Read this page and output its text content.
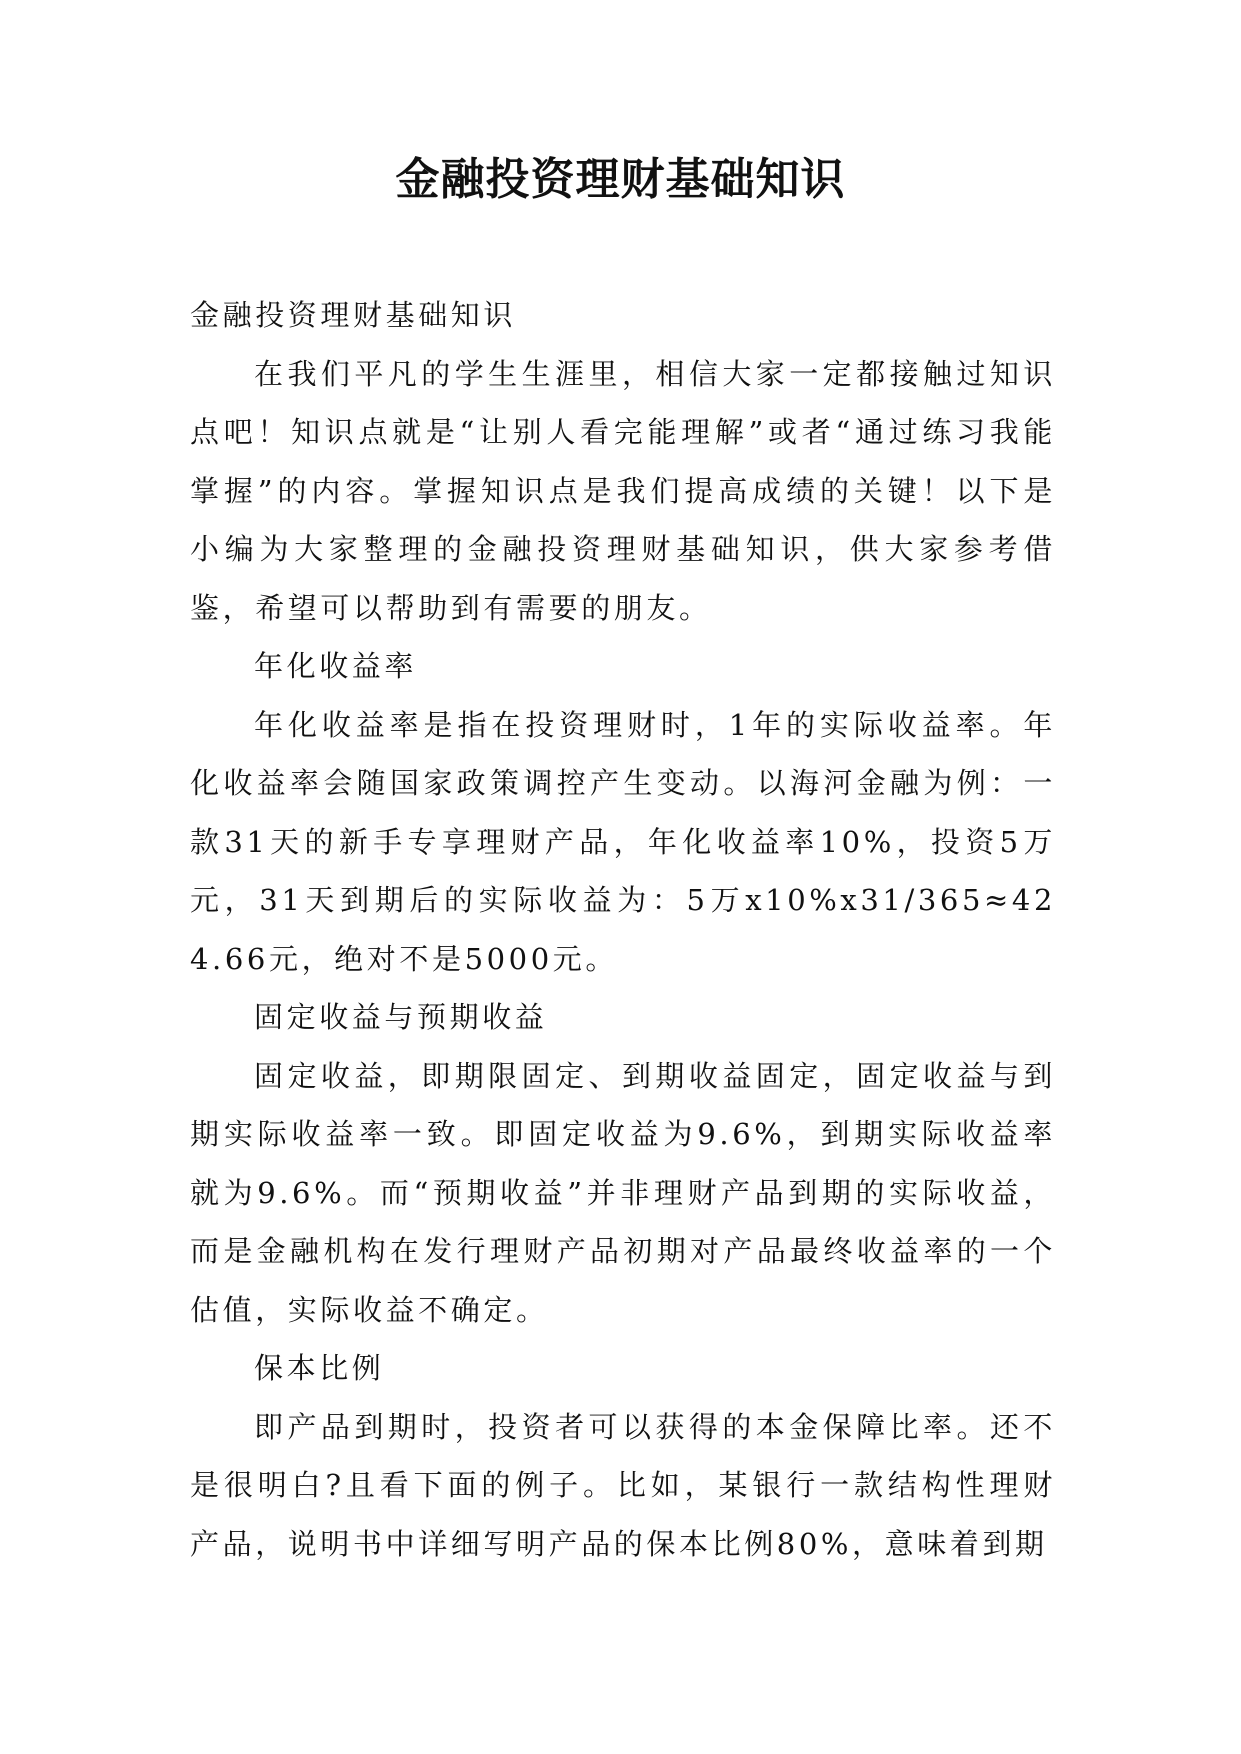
金融投资理财基础知识

金融投资理财基础知识

在我们平凡的学生生涯里，相信大家一定都接触过知识点吧！知识点就是“让别人看完能理解”或者“通过练习我能掌握”的内容。掌握知识点是我们提高成绩的关键！以下是小编为大家整理的金融投资理财基础知识，供大家参考借鉴，希望可以帮助到有需要的朋友。

年化收益率

年化收益率是指在投资理财时，1年的实际收益率。年化收益率会随国家政策调控产生变动。以海河金融为例：一款31天的新手专享理财产品，年化收益率10%，投资5万元，31天到期后的实际收益为：5万x10%x31/365≈424.66元，绝对不是5000元。

固定收益与预期收益

固定收益，即期限固定、到期收益固定，固定收益与到期实际收益率一致。即固定收益为9.6%，到期实际收益率就为9.6%。而“预期收益”并非理财产品到期的实际收益，而是金融机构在发行理财产品初期对产品最终收益率的一个估值，实际收益不确定。

保本比例

即产品到期时，投资者可以获得的本金保障比率。还不是很明白?且看下面的例子。比如，某银行一款结构性理财产品，说明书中详细写明产品的保本比例80%，意味着到期
